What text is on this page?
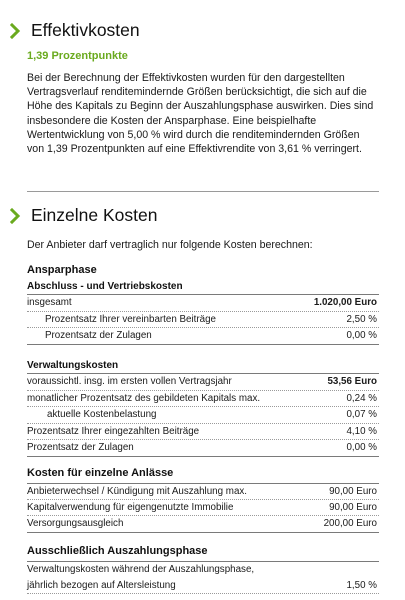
Effektivkosten
1,39 Prozentpunkte
Bei der Berechnung der Effektivkosten wurden für den dargestellten Vertragsverlauf renditemindernde Größen berücksichtigt, die sich auf die Höhe des Kapitals zu Beginn der Auszahlungsphase auswirken. Dies sind insbesondere die Kosten der Ansparphase. Eine beispielhafte Wertentwicklung von 5,00 % wird durch die renditemindernden Größen von 1,39 Prozentpunkten auf eine Effektivrendite von 3,61 % verringert.
Einzelne Kosten
Der Anbieter darf vertraglich nur folgende Kosten berechnen:
Ansparphase
Abschluss - und Vertriebskosten
insgesamt	1.020,00 Euro
Prozentsatz Ihrer vereinbarten Beiträge	2,50 %
Prozentsatz der Zulagen	0,00 %
Verwaltungskosten
voraussichtl. insg. im ersten vollen Vertragsjahr	53,56 Euro
monatlicher Prozentsatz des gebildeten Kapitals max.	0,24 %
aktuelle Kostenbelastung	0,07 %
Prozentsatz Ihrer eingezahlten Beiträge	4,10 %
Prozentsatz der Zulagen	0,00 %
Kosten für einzelne Anlässe
Anbieterwechsel / Kündigung mit Auszahlung max.	90,00 Euro
Kapitalverwendung für eigengenutzte Immobilie	90,00 Euro
Versorgungsausgleich	200,00 Euro
Ausschließlich Auszahlungsphase
Verwaltungskosten während der Auszahlungsphase,
jährlich bezogen auf Altersleistung	1,50 %
